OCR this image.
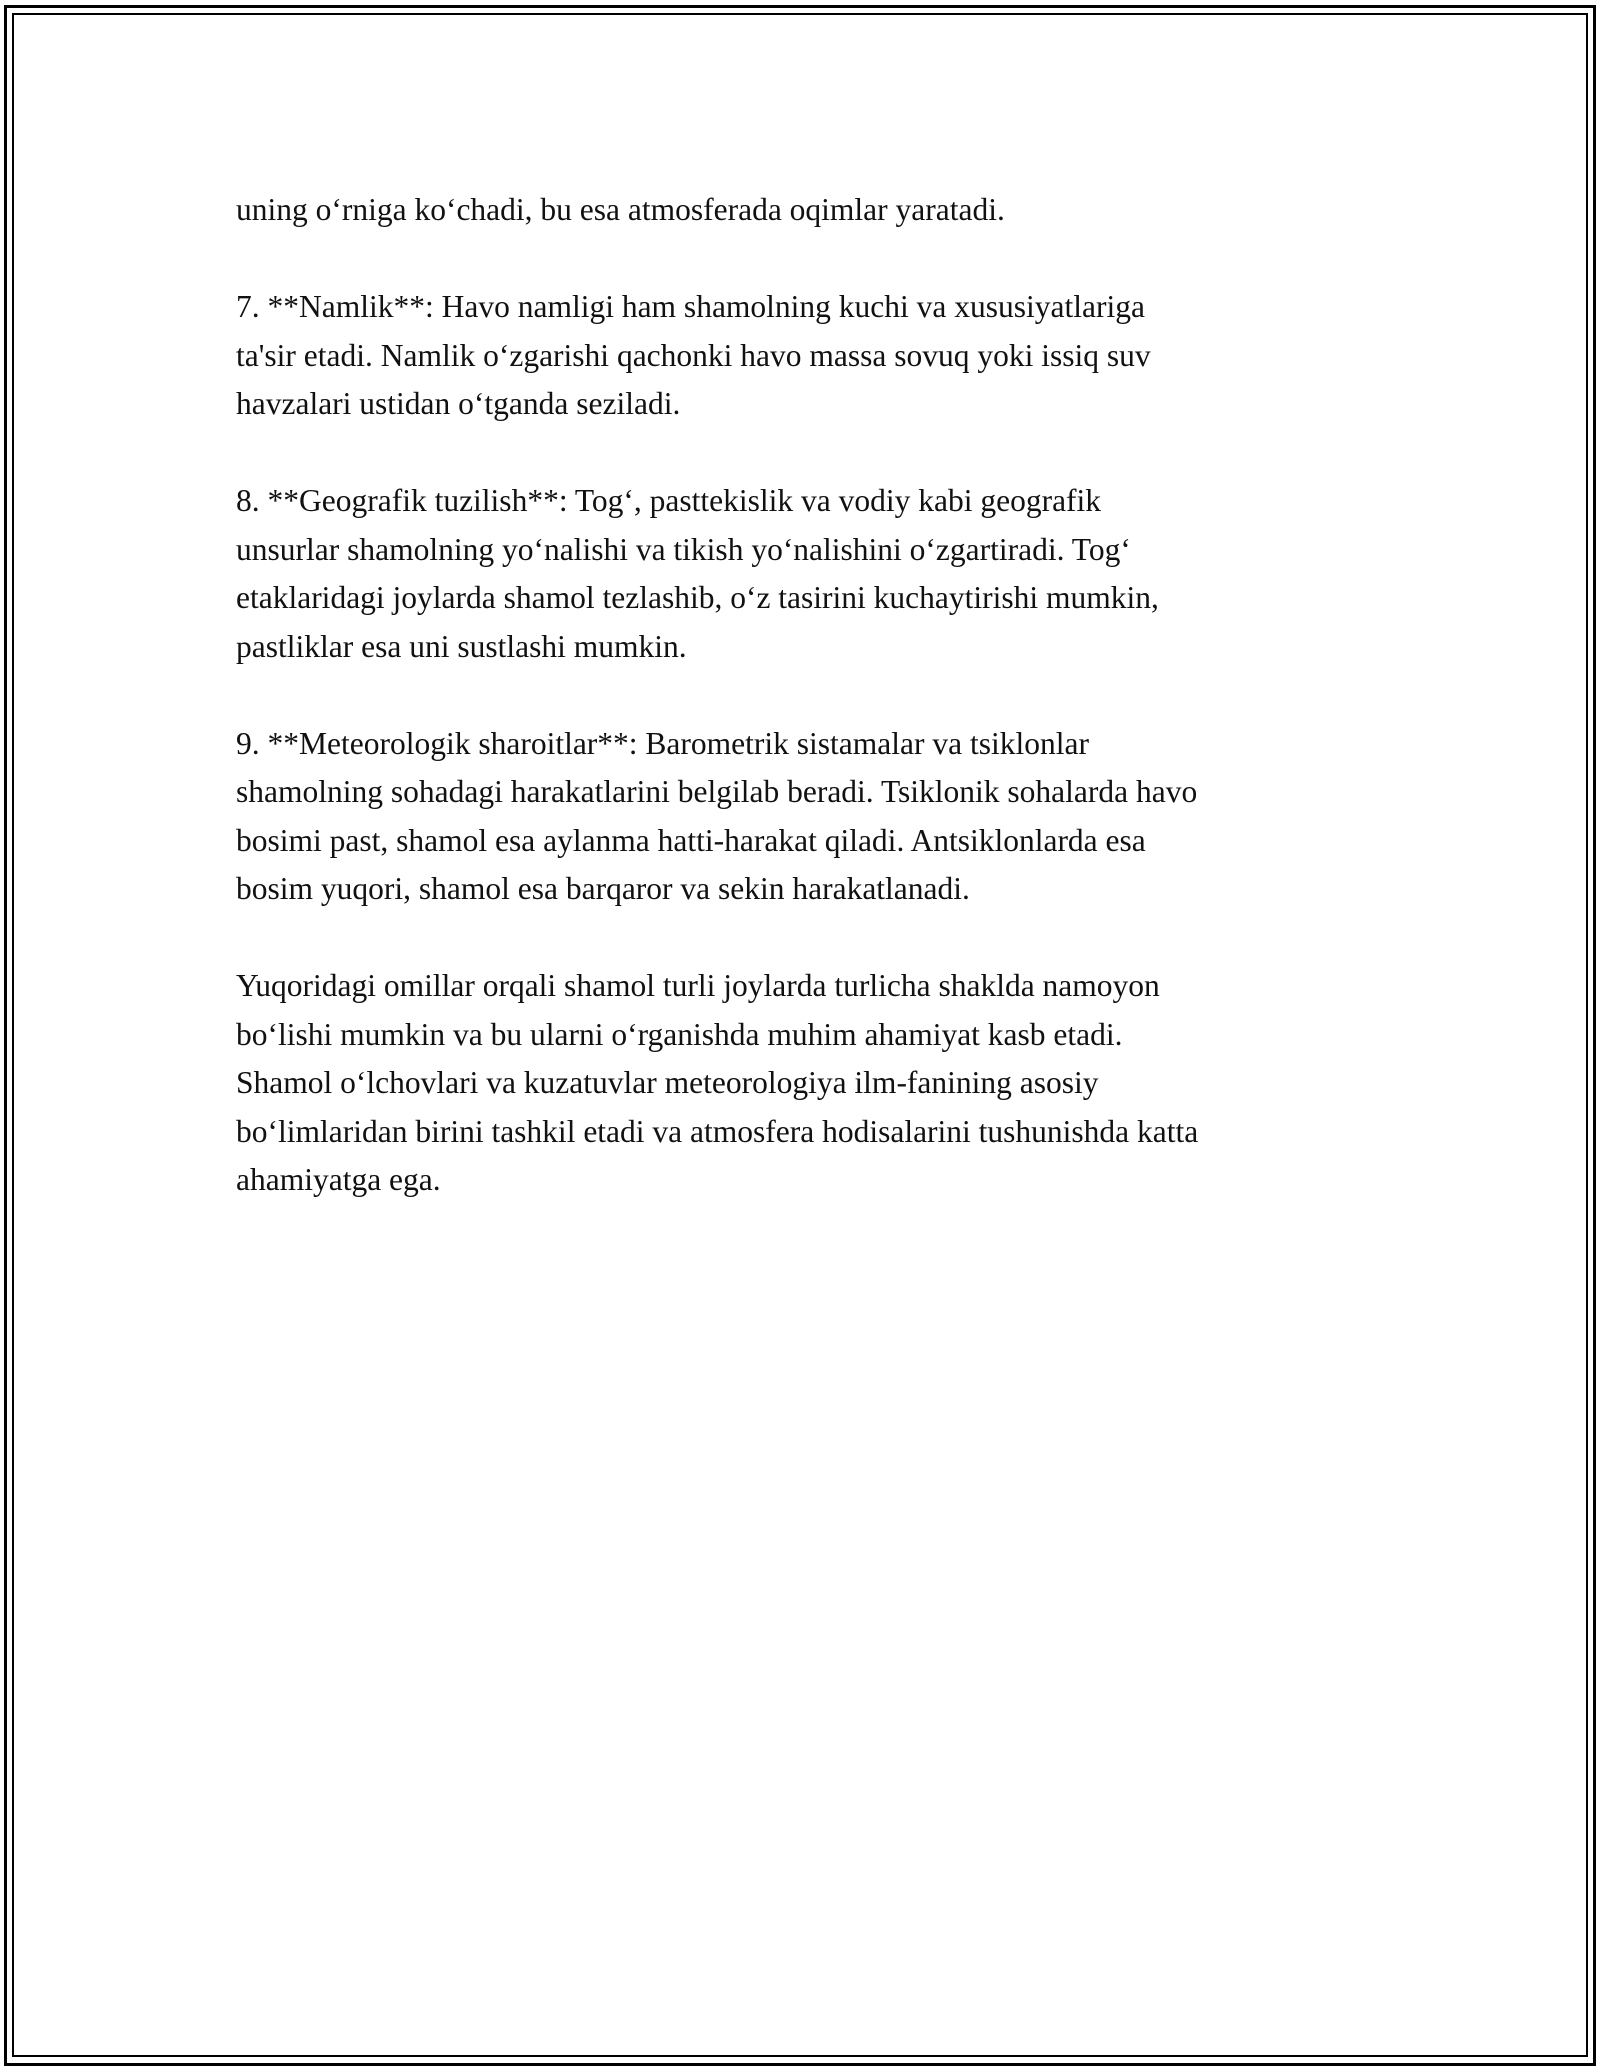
uning o‘rniga ko‘chadi, bu esa atmosferada oqimlar yaratadi.

7. **Namlik**: Havo namligi ham shamolning kuchi va xususiyatlariga
ta'sir etadi. Namlik o‘zgarishi qachonki havo massa sovuq yoki issiq suv
havzalari ustidan o‘tganda seziladi.

8. **Geografik tuzilish**: Tog‘, pasttekislik va vodiy kabi geografik
unsurlar shamolning yo‘nalishi va tikish yo‘nalishini o‘zgartiradi. Tog‘
etaklaridagi joylarda shamol tezlashib, o‘z tasirini kuchaytirishi mumkin,
pastliklar esa uni sustlashi mumkin.

9. **Meteorologik sharoitlar**: Barometrik sistamalar va tsiklonlar
shamolning sohadagi harakatlarini belgilab beradi. Tsiklonik sohalarda havo
bosimi past, shamol esa aylanma hatti-harakat qiladi. Antsiklonlarda esa
bosim yuqori, shamol esa barqaror va sekin harakatlanadi.

Yuqoridagi omillar orqali shamol turli joylarda turlicha shaklda namoyon
bo‘lishi mumkin va bu ularni o‘rganishda muhim ahamiyat kasb etadi.
Shamol o‘lchovlari va kuzatuvlar meteorologiya ilm-fanining asosiy
bo‘limlaridan birini tashkil etadi va atmosfera hodisalarini tushunishda katta
ahamiyatga ega.
